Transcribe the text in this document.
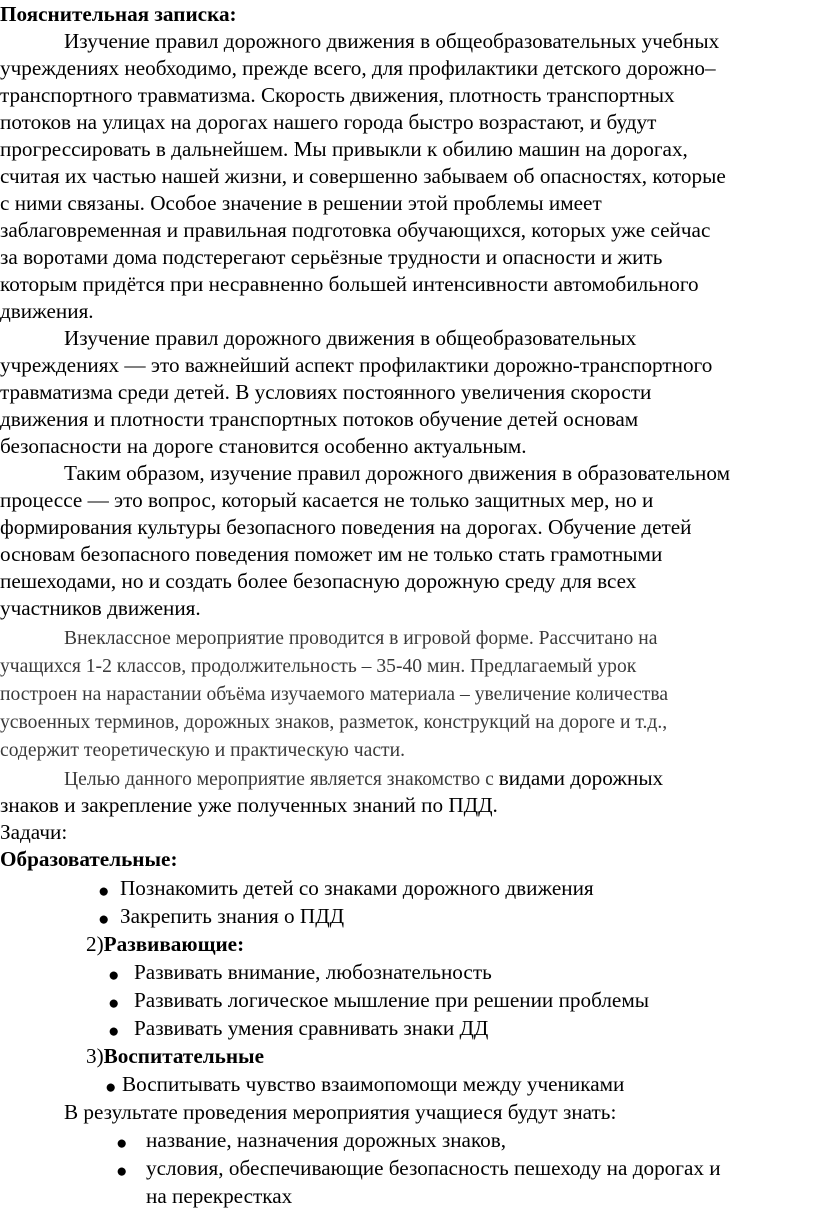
Пояснительная записка:
Изучение правил дорожного движения в общеобразовательных учебных
учреждениях необходимо, прежде всего, для профилактики детского дорожно–
транспортного травматизма. Скорость движения, плотность транспортных
потоков на улицах на дорогах нашего города быстро возрастают, и будут
прогрессировать в дальнейшем. Мы привыкли к обилию машин на дорогах,
считая их частью нашей жизни, и совершенно забываем об опасностях, которые
с ними связаны. Особое значение в решении этой проблемы имеет
заблаговременная и правильная подготовка обучающихся, которых уже сейчас
за воротами дома подстерегают серьёзные трудности и опасности и жить
которым придётся при несравненно большей интенсивности автомобильного
движения.
Изучение правил дорожного движения в общеобразовательных
учреждениях — это важнейший аспект профилактики дорожно-транспортного
травматизма среди детей. В условиях постоянного увеличения скорости
движения и плотности транспортных потоков обучение детей основам
безопасности на дороге становится особенно актуальным.
Таким образом, изучение правил дорожного движения в образовательном
процессе — это вопрос, который касается не только защитных мер, но и
формирования культуры безопасного поведения на дорогах. Обучение детей
основам безопасного поведения поможет им не только стать грамотными
пешеходами, но и создать более безопасную дорожную среду для всех
участников движения.
Внеклассное мероприятие проводится в игровой форме. Рассчитано на
учащихся 1-2 классов, продолжительность – 35-40 мин. Предлагаемый урок
построен на нарастании объёма изучаемого материала – увеличение количества
усвоенных терминов, дорожных знаков, разметок, конструкций на дороге и т.д.,
содержит теоретическую и практическую части.
Целью данного мероприятие является знакомство с видами дорожных
знаков и закрепление уже полученных знаний по ПДД.
Задачи:
Образовательные:
● Познакомить детей со знаками дорожного движения
● Закрепить знания о ПДД
2)Развивающие:
● Развивать внимание, любознательность
● Развивать логическое мышление при решении проблемы
● Развивать умения сравнивать знаки ДД
3)Воспитательные
● Воспитывать чувство взаимопомощи между учениками
В результате проведения мероприятия учащиеся будут знать:
● название, назначения дорожных знаков,
● условия, обеспечивающие безопасность пешеходу на дорогах и
на перекрестках
